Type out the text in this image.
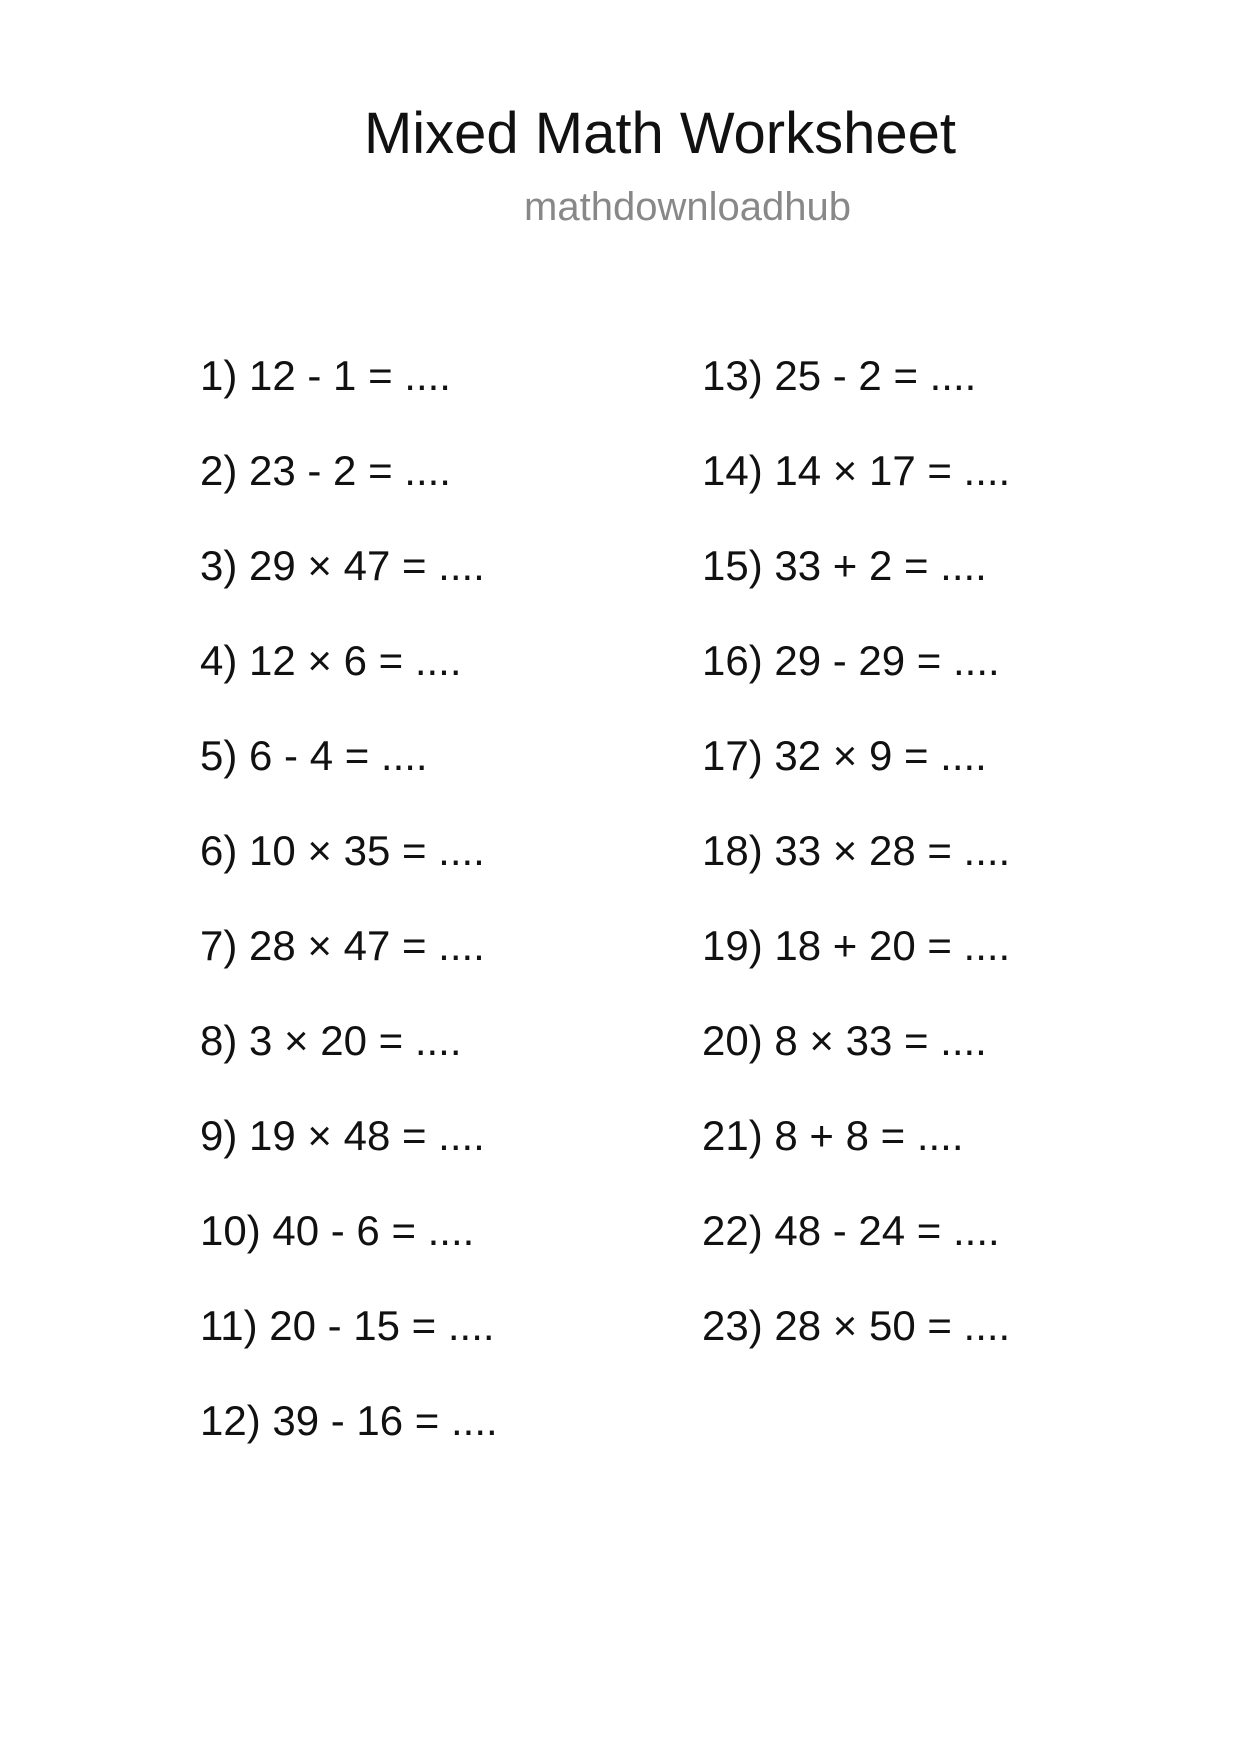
Mixed Math Worksheet
mathdownloadhub
1) 12 - 1 = ....
2) 23 - 2 = ....
3) 29 × 47 = ....
4) 12 × 6 = ....
5) 6 - 4 = ....
6) 10 × 35 = ....
7) 28 × 47 = ....
8) 3 × 20 = ....
9) 19 × 48 = ....
10) 40 - 6 = ....
11) 20 - 15 = ....
12) 39 - 16 = ....
13) 25 - 2 = ....
14) 14 × 17 = ....
15) 33 + 2 = ....
16) 29 - 29 = ....
17) 32 × 9 = ....
18) 33 × 28 = ....
19) 18 + 20 = ....
20) 8 × 33 = ....
21) 8 + 8 = ....
22) 48 - 24 = ....
23) 28 × 50 = ....
